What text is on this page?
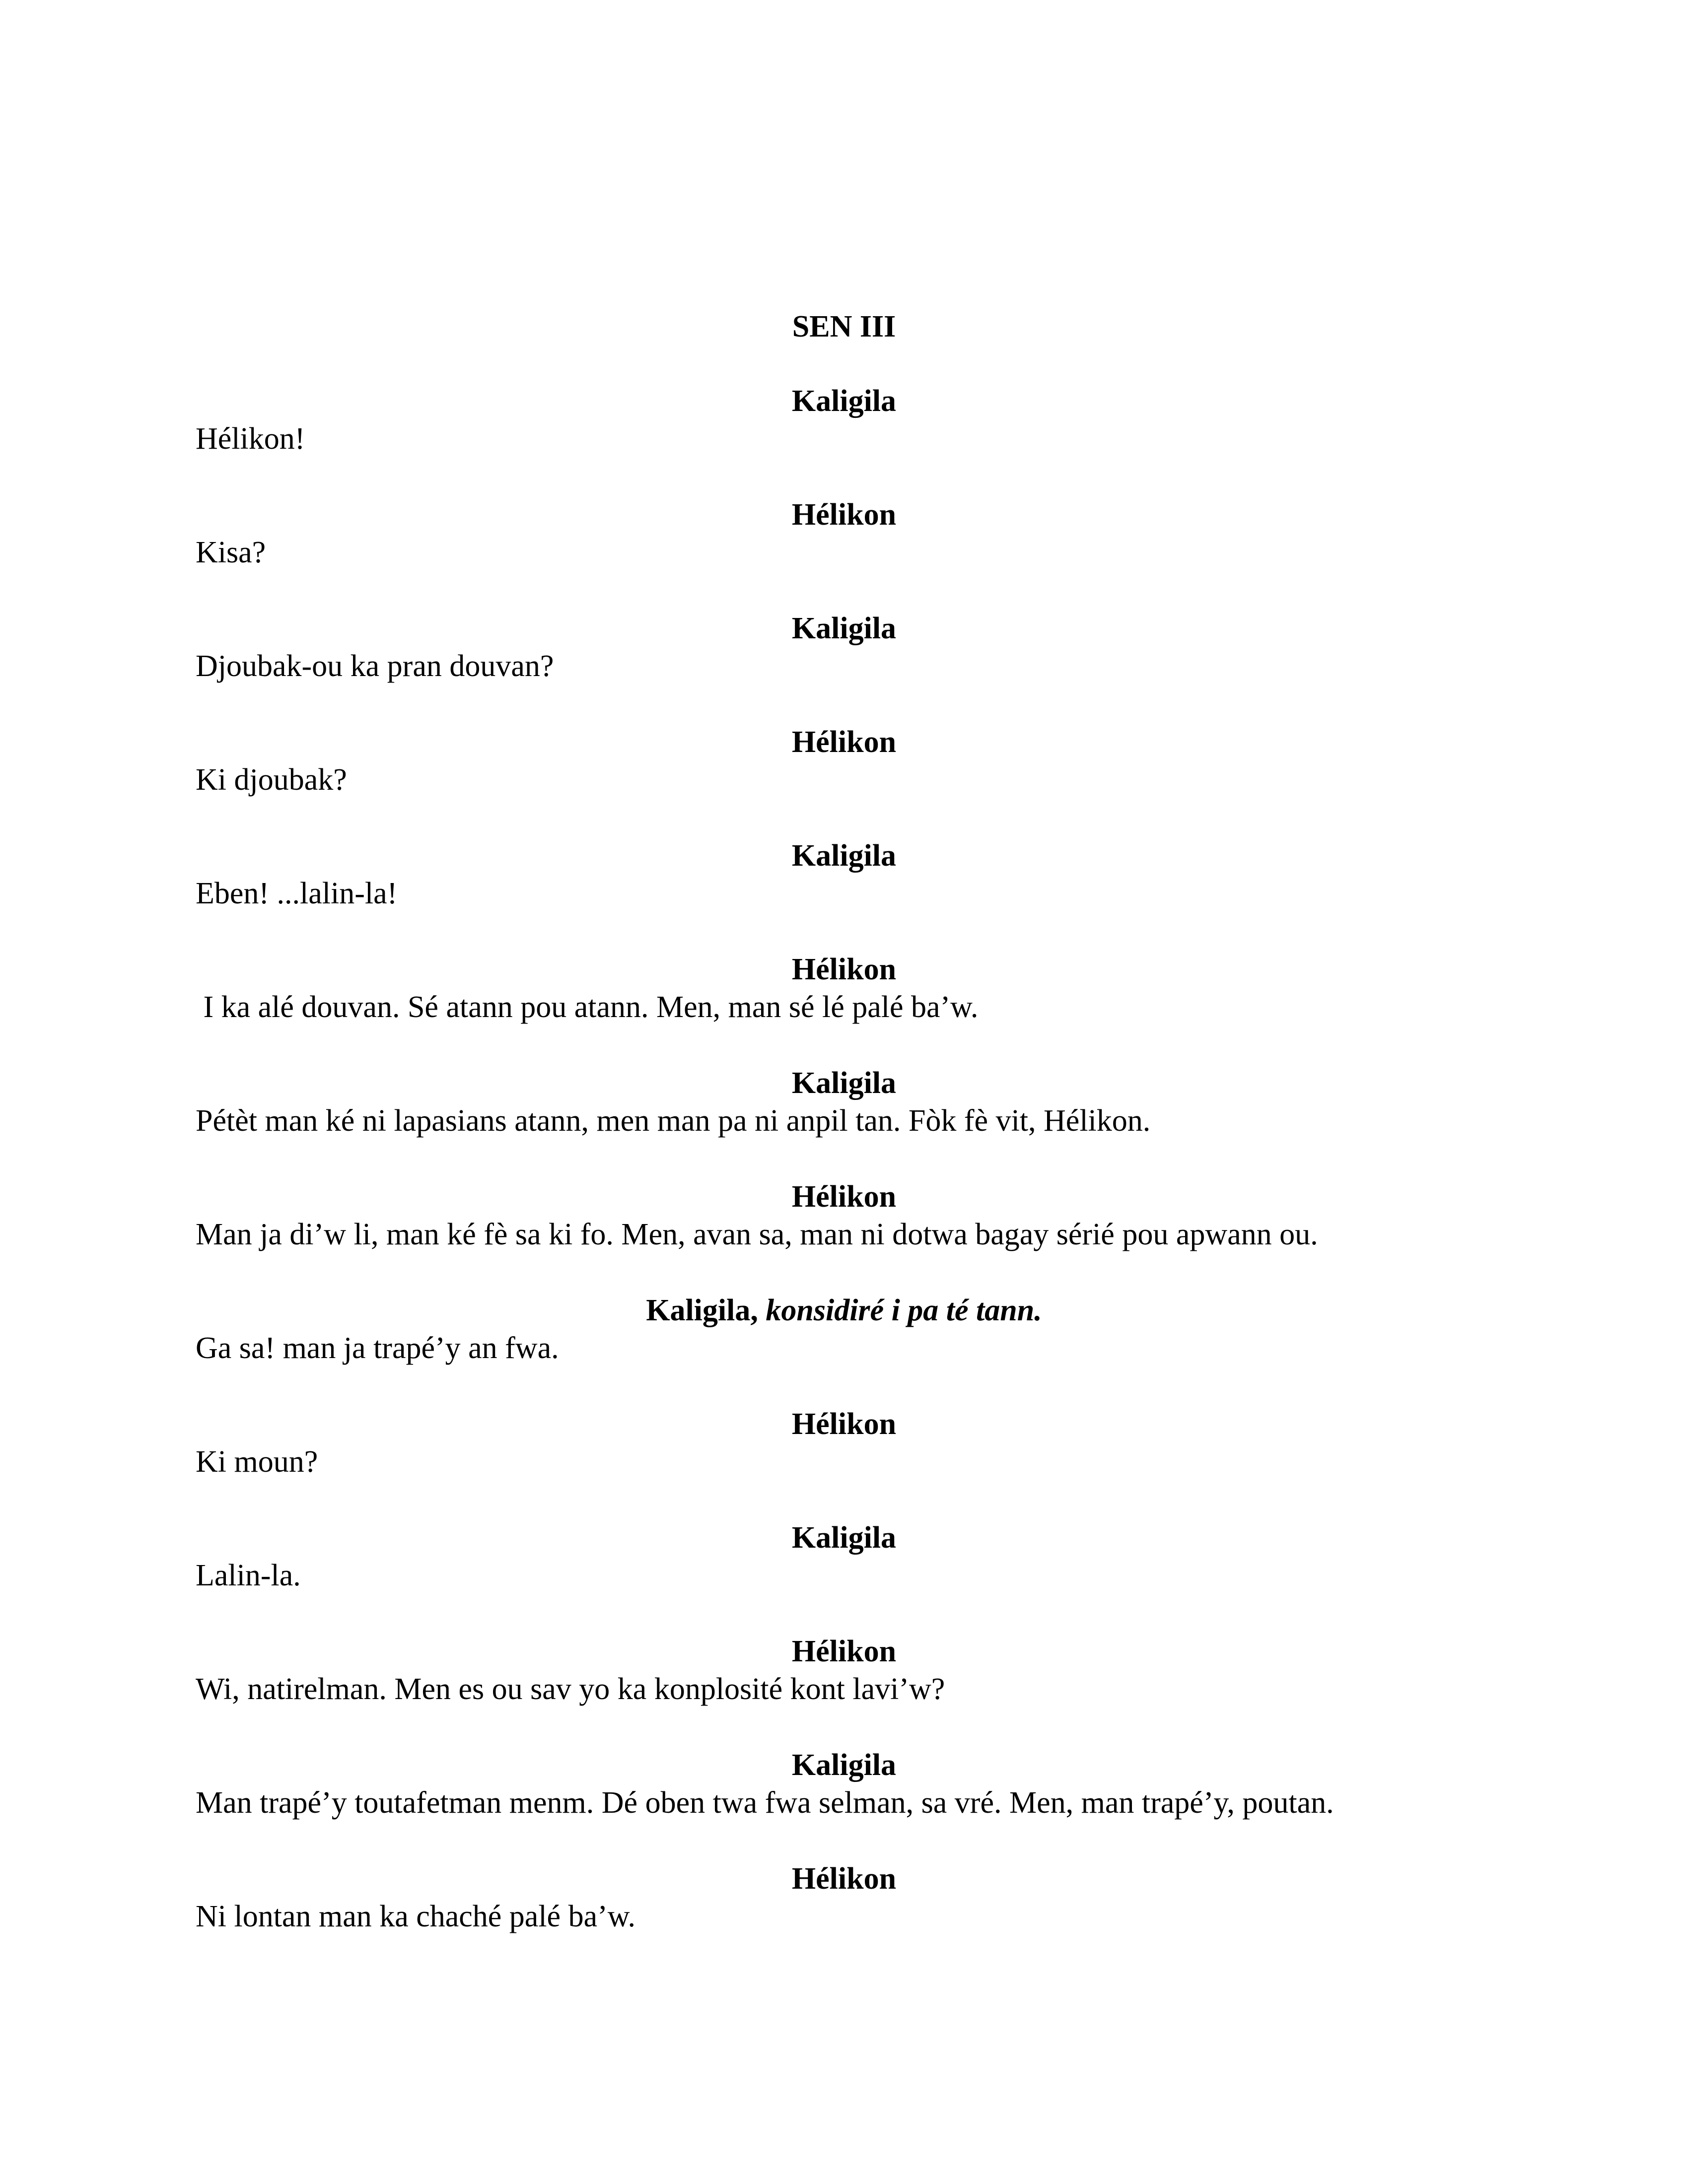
SEN III
Kaligila
Hélikon!
Hélikon
Kisa?
Kaligila
Djoubak-ou ka pran douvan?
Hélikon
Ki djoubak?
Kaligila
Eben! ...lalin-la!
Hélikon
I ka alé douvan. Sé atann pou atann. Men, man sé lé palé ba’w.
Kaligila
Pétèt man ké ni lapasians atann, men man pa ni anpil tan. Fòk fè vit, Hélikon.
Hélikon
Man ja di’w li, man ké fè sa ki fo. Men, avan sa, man ni dotwa bagay sérié pou apwann ou.
Kaligila, konsidiré i pa té tann.
Ga sa! man ja trapé’y an fwa.
Hélikon
Ki moun?
Kaligila
Lalin-la.
Hélikon
Wi, natirelman. Men es ou sav yo ka konplosité kont lavi’w?
Kaligila
Man trapé’y toutafetman menm. Dé oben twa fwa selman, sa vré. Men, man trapé’y, poutan.
Hélikon
Ni lontan man ka chaché palé ba’w.
